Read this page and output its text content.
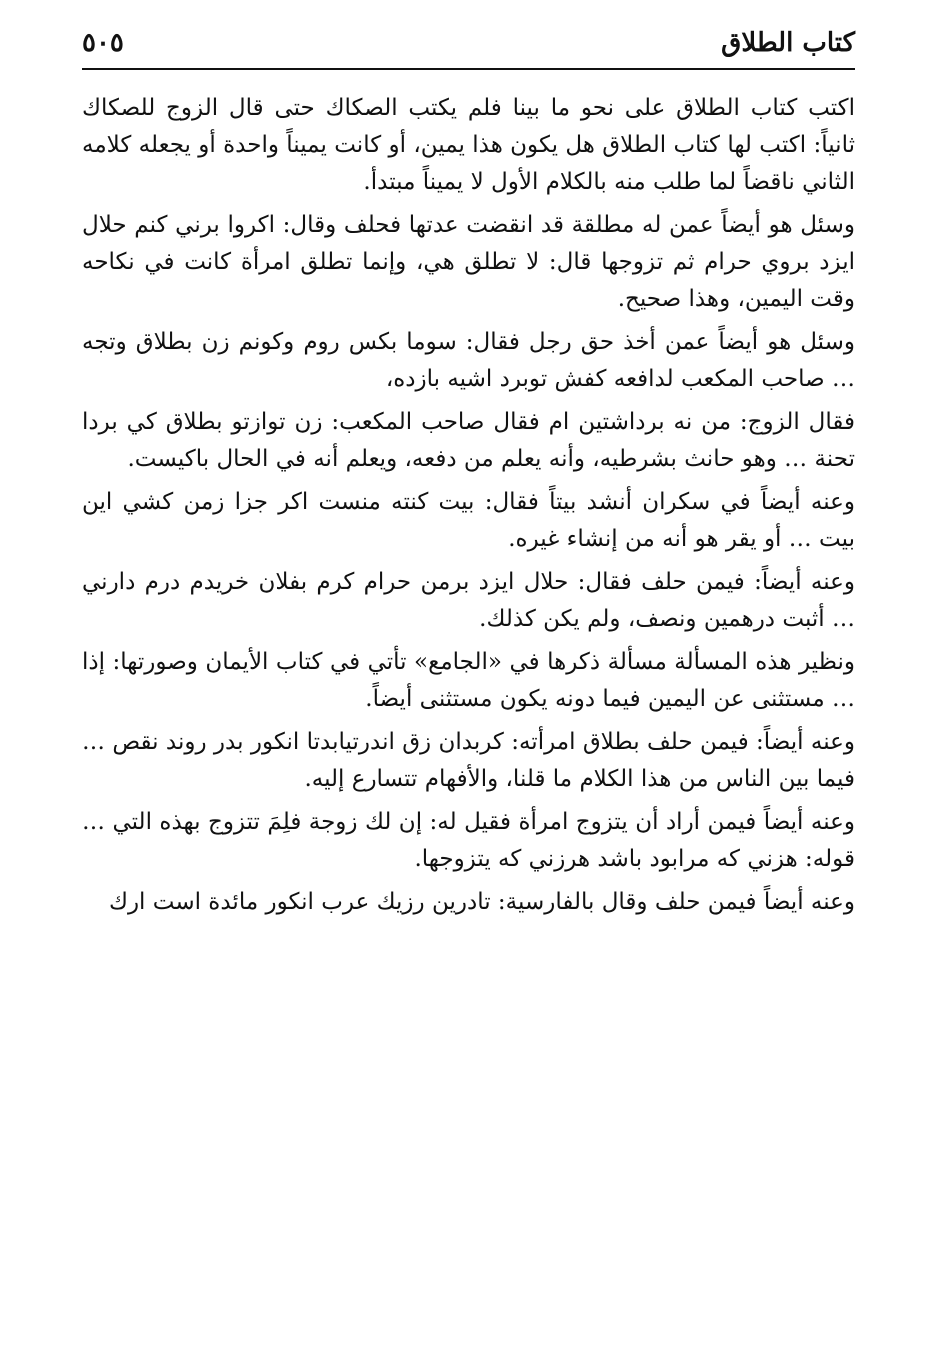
كتاب الطلاق
٥٠٥

اكتب كتاب الطلاق على نحو ما بينا فلم يكتب الصكاك حتى قال الزوج للصكاك ثانياً: اكتب لها كتاب الطلاق هل يكون هذا يمين، أو كانت يميناً واحدة أو يجعله كلامه الثاني ناقضاً لما طلب منه بالكلام الأول لا يميناً مبتدأ.

وسئل هو أيضاً عمن له مطلقة قد انقضت عدتها فحلف وقال: اكروا برني كنم حلال ايزد بروي حرام ثم تزوجها قال: لا تطلق هي، وإنما تطلق امرأة كانت في نكاحه وقت اليمين، وهذا صحيح.

وسئل هو أيضاً عمن أخذ حق رجل فقال: سوما بكس روم وكونم زن بطلاق وتجه … صاحب المكعب لدافعه كفش توبرد اشيه بازده،

فقال الزوج: من نه برداشتين ام فقال صاحب المكعب: زن توازتو بطلاق كي بردا تحنة … وهو حانث بشرطيه، وأنه يعلم من دفعه، ويعلم أنه في الحال باكيست.

وعنه أيضاً في سكران أنشد بيتاً فقال: بيت كنته منست اكر جزا زمن كشي اين بيت … أو يقر هو أنه من إنشاء غيره.

وعنه أيضاً: فيمن حلف فقال: حلال ايزد برمن حرام كرم بفلان خريدم درم دارني … أثبت درهمين ونصف، ولم يكن كذلك.

ونظير هذه المسألة مسألة ذكرها في «الجامع» تأتي في كتاب الأيمان وصورتها: إذا … مستثنى عن اليمين فيما دونه يكون مستثنى أيضاً.

وعنه أيضاً: فيمن حلف بطلاق امرأته: كربدان زق اندرتيابدتا انكور بدر روند نقص … فيما بين الناس من هذا الكلام ما قلنا، والأفهام تتسارع إليه.

وعنه أيضاً فيمن أراد أن يتزوج امرأة فقيل له: إن لك زوجة فلِمَ تتزوج بهذه التي … قوله: هزني كه مرابود باشد هرزني كه يتزوجها.

وعنه أيضاً فيمن حلف وقال بالفارسية: تادرين رزيك عرب انكور مائدة است ارك
